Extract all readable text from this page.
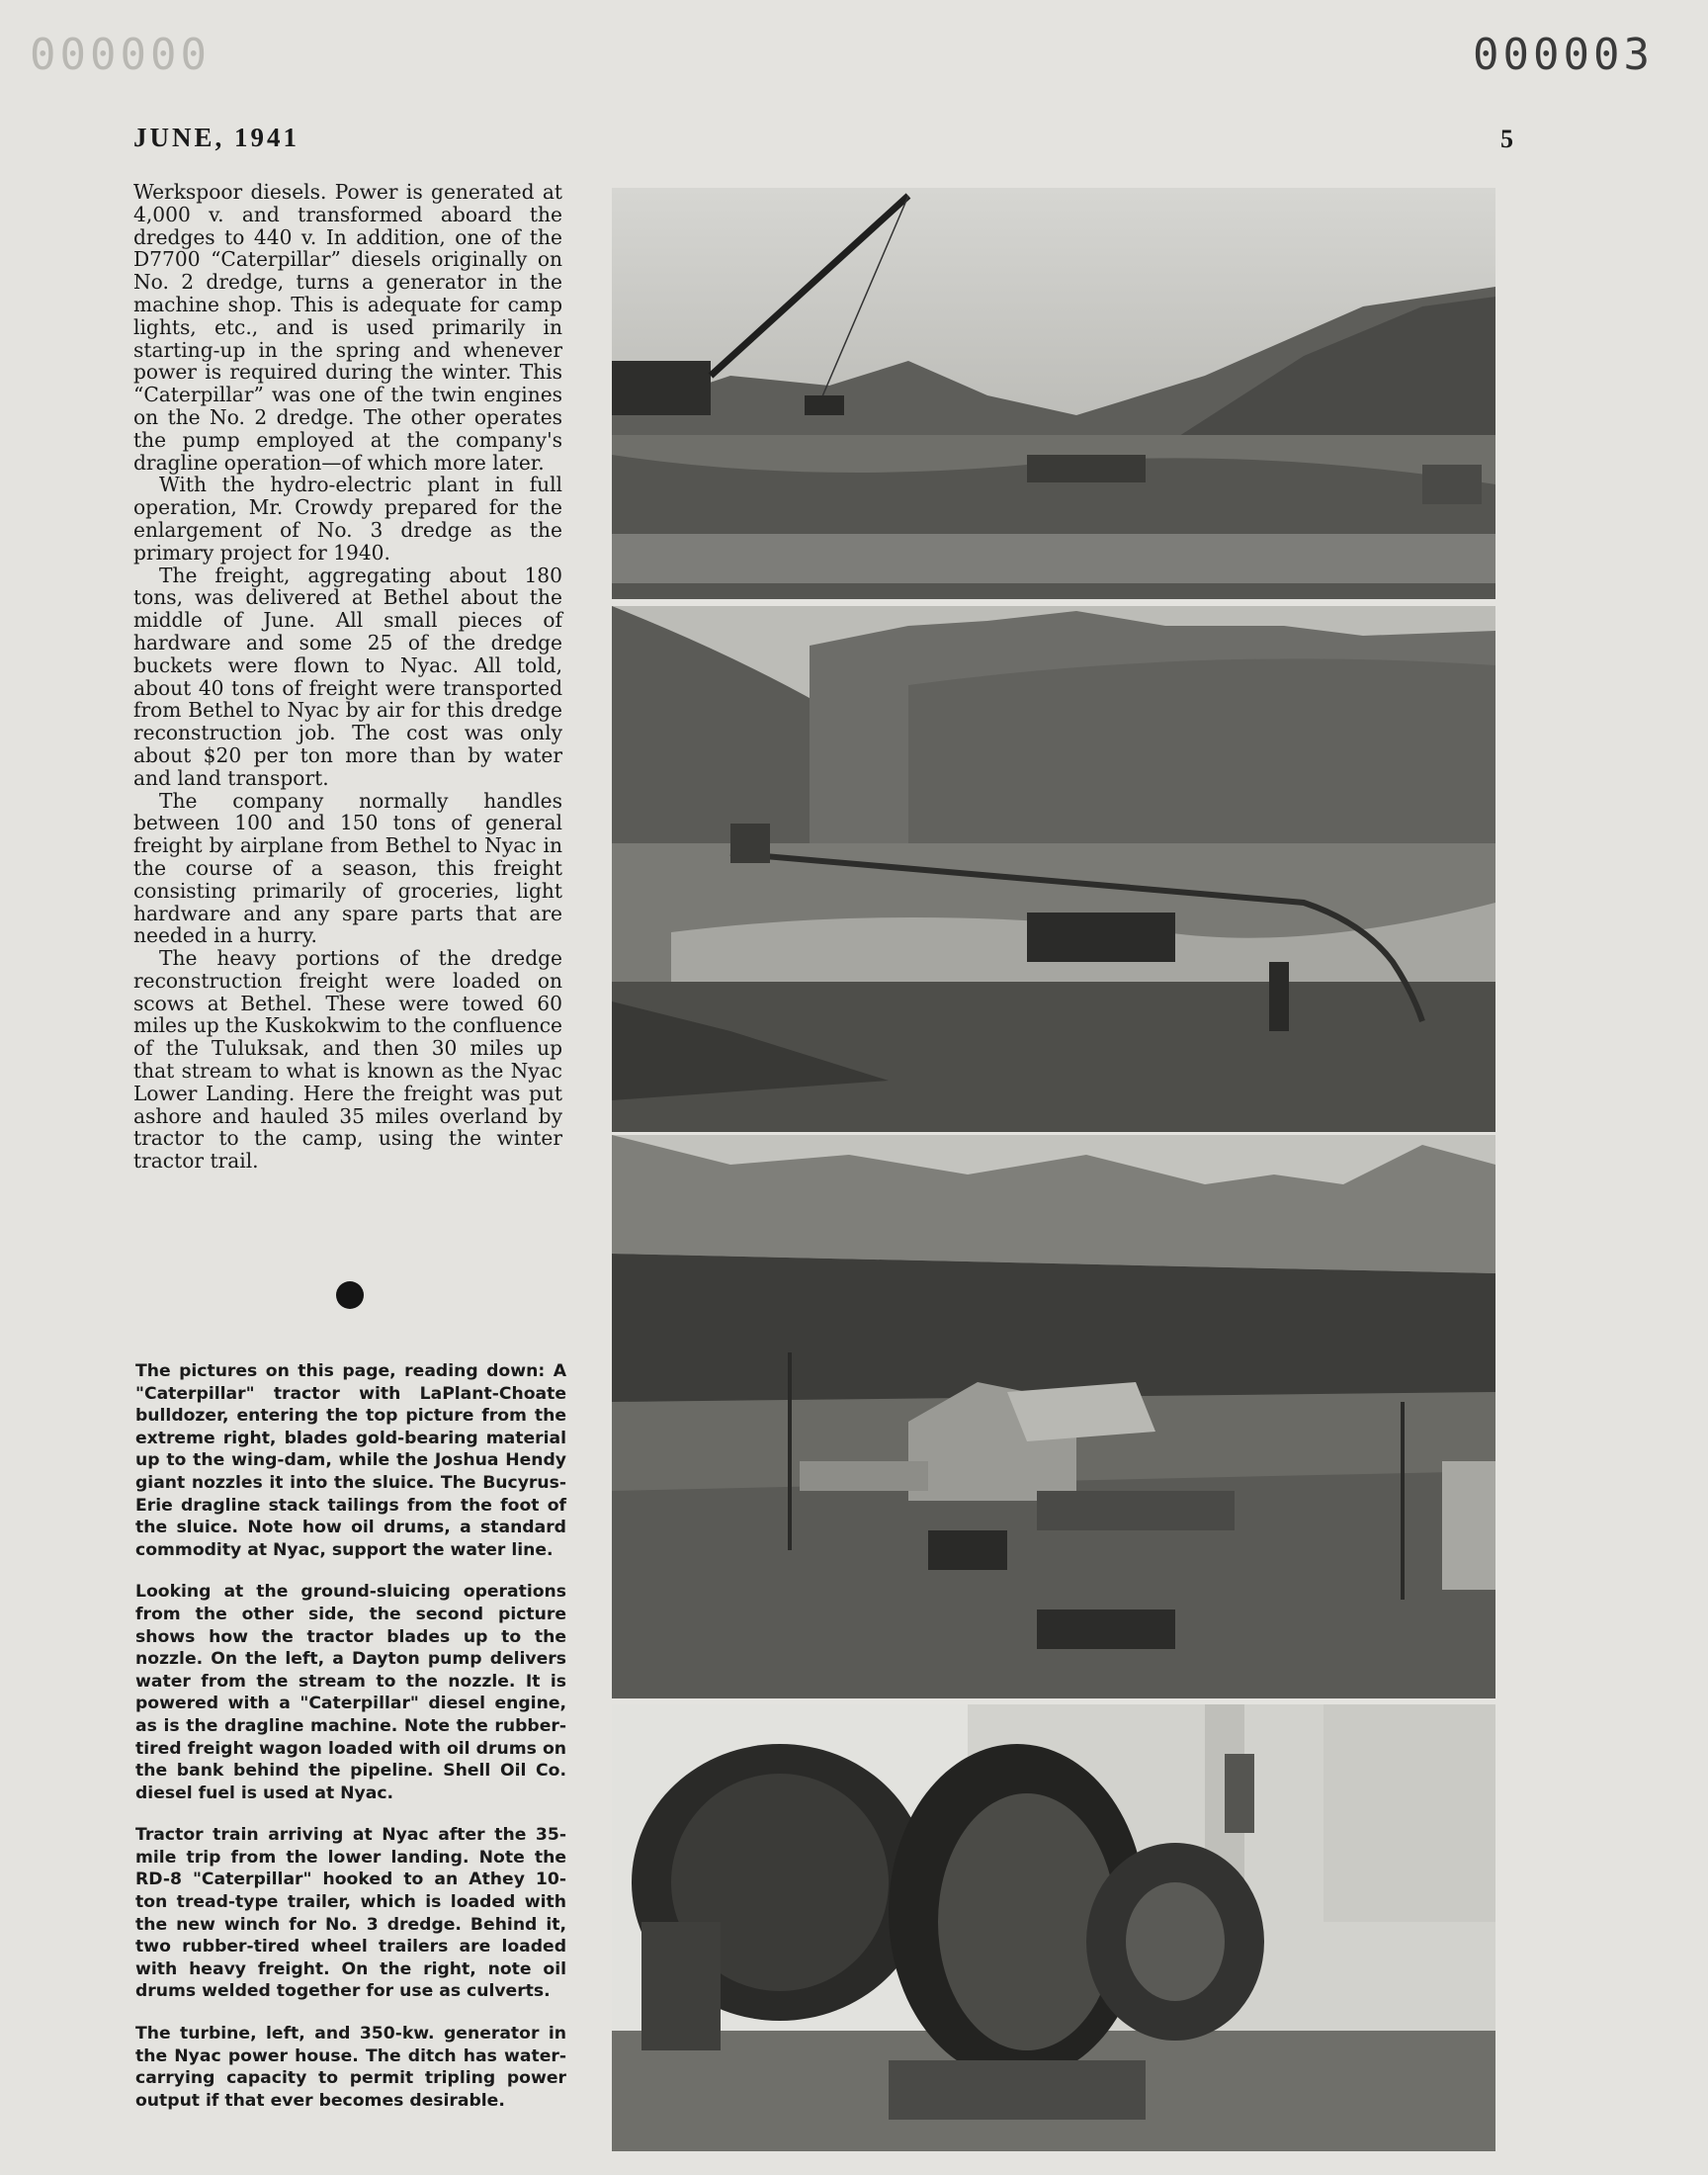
000000	000003
JUNE, 1941	5

Werkspoor diesels. Power is generated at 4,000 v. and transformed aboard the dredges to 440 v. In addition, one of the D7700 “Caterpillar” diesels originally on No. 2 dredge, turns a generator in the machine shop. This is adequate for camp lights, etc., and is used primarily in starting-up in the spring and whenever power is required during the winter. This “Caterpillar” was one of the twin engines on the No. 2 dredge. The other operates the pump employed at the company's dragline operation—of which more later.

With the hydro-electric plant in full operation, Mr. Crowdy prepared for the enlargement of No. 3 dredge as the primary project for 1940.

The freight, aggregating about 180 tons, was delivered at Bethel about the middle of June. All small pieces of hardware and some 25 of the dredge buckets were flown to Nyac. All told, about 40 tons of freight were transported from Bethel to Nyac by air for this dredge reconstruction job. The cost was only about $20 per ton more than by water and land transport.

The company normally handles between 100 and 150 tons of general freight by airplane from Bethel to Nyac in the course of a season, this freight consisting primarily of groceries, light hardware and any spare parts that are needed in a hurry.

The heavy portions of the dredge reconstruction freight were loaded on scows at Bethel. These were towed 60 miles up the Kuskokwim to the confluence of the Tuluksak, and then 30 miles up that stream to what is known as the Nyac Lower Landing. Here the freight was put ashore and hauled 35 miles overland by tractor to the camp, using the winter tractor trail.

The pictures on this page, reading down: A "Caterpillar" tractor with LaPlant-Choate bulldozer, entering the top picture from the extreme right, blades gold-bearing material up to the wing-dam, while the Joshua Hendy giant nozzles it into the sluice. The Bucyrus-Erie dragline stack tailings from the foot of the sluice. Note how oil drums, a standard commodity at Nyac, support the water line.

Looking at the ground-sluicing operations from the other side, the second picture shows how the tractor blades up to the nozzle. On the left, a Dayton pump delivers water from the stream to the nozzle. It is powered with a "Caterpillar" diesel engine, as is the dragline machine. Note the rubber-tired freight wagon loaded with oil drums on the bank behind the pipeline. Shell Oil Co. diesel fuel is used at Nyac.

Tractor train arriving at Nyac after the 35-mile trip from the lower landing. Note the RD-8 "Caterpillar" hooked to an Athey 10-ton tread-type trailer, which is loaded with the new winch for No. 3 dredge. Behind it, two rubber-tired wheel trailers are loaded with heavy freight. On the right, note oil drums welded together for use as culverts.

The turbine, left, and 350-kw. generator in the Nyac power house. The ditch has water-carrying capacity to permit tripling power output if that ever becomes desirable.
